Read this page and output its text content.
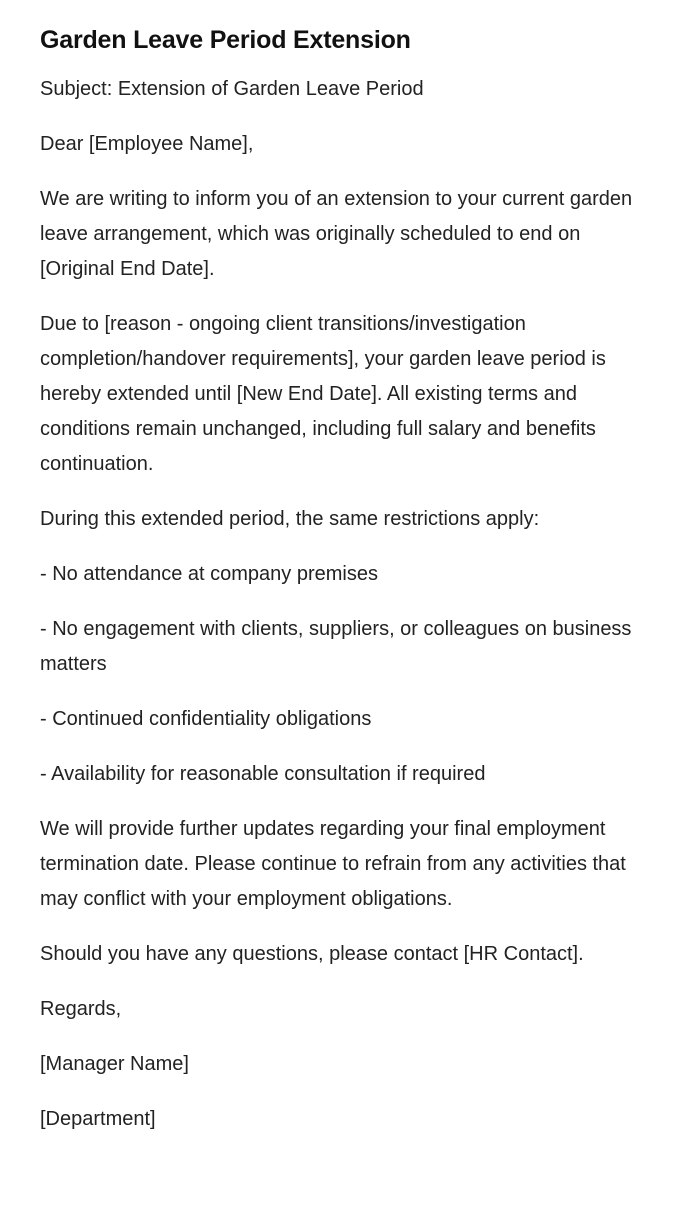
Garden Leave Period Extension

Subject: Extension of Garden Leave Period

Dear [Employee Name],

We are writing to inform you of an extension to your current garden leave arrangement, which was originally scheduled to end on [Original End Date].

Due to [reason - ongoing client transitions/investigation completion/handover requirements], your garden leave period is hereby extended until [New End Date]. All existing terms and conditions remain unchanged, including full salary and benefits continuation.

During this extended period, the same restrictions apply:

- No attendance at company premises

- No engagement with clients, suppliers, or colleagues on business matters

- Continued confidentiality obligations

- Availability for reasonable consultation if required

We will provide further updates regarding your final employment termination date. Please continue to refrain from any activities that may conflict with your employment obligations.

Should you have any questions, please contact [HR Contact].

Regards,

[Manager Name]

[Department]
